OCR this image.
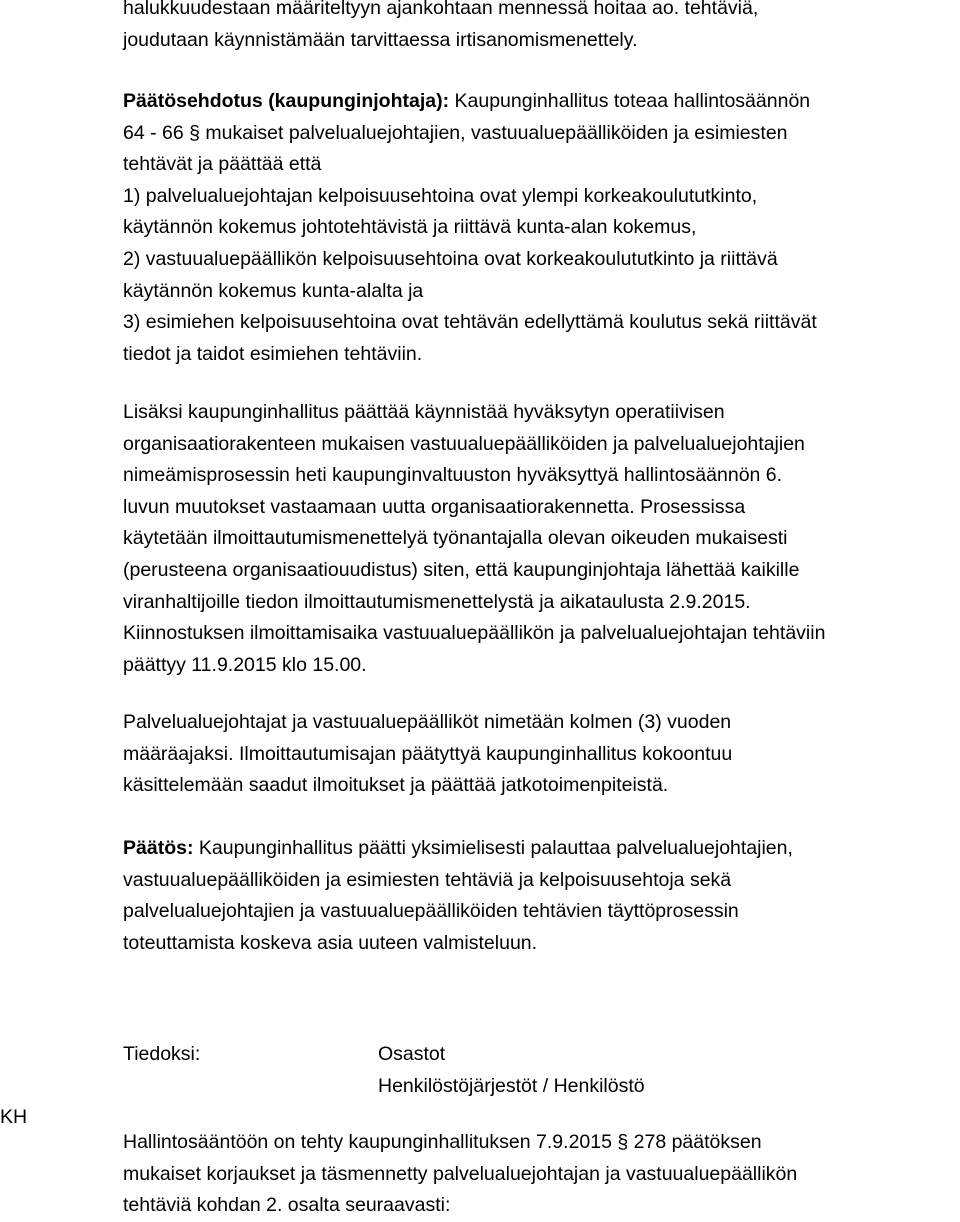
halukkuudestaan määriteltyyn ajankohtaan mennessä hoitaa ao. tehtäviä,
joudutaan käynnistämään tarvittaessa irtisanomismenettely.
Päätösehdotus (kaupunginjohtaja): Kaupunginhallitus toteaa hallintosäännön
64 - 66 § mukaiset palvelualuejohtajien, vastuualuepäälliköiden ja esimiesten
tehtävät ja päättää että
1) palvelualuejohtajan kelpoisuusehtoina ovat ylempi korkeakoulututkinto,
käytännön kokemus johtotehtävistä ja riittävä kunta-alan kokemus,
2) vastuualuepäällikön kelpoisuusehtoina ovat korkeakoulututkinto ja riittävä
käytännön kokemus kunta-alalta ja
3) esimiehen kelpoisuusehtoina ovat tehtävän edellyttämä koulutus sekä riittävät
tiedot ja taidot esimiehen tehtäviin.
Lisäksi kaupunginhallitus päättää käynnistää hyväksytyn operatiivisen
organisaatiorakenteen mukaisen vastuualuepäälliköiden ja palvelualuejohtajien
nimeämisprosessin heti kaupunginvaltuuston hyväksyttyä hallintosäännön 6.
luvun muutokset vastaamaan uutta organisaatiorakennetta. Prosessissa
käytetään ilmoittautumismenettelyä työnantajalla olevan oikeuden mukaisesti
(perusteena organisaatiouudistus) siten, että kaupunginjohtaja lähettää kaikille
viranhaltijoille tiedon ilmoittautumismenettelystä ja aikataulusta 2.9.2015.
Kiinnostuksen ilmoittamisaika vastuualuepäällikön ja palvelualuejohtajan tehtäviin
päättyy 11.9.2015 klo 15.00.
Palvelualuejohtajat ja vastuualuepäälliköt nimetään kolmen (3) vuoden
määräajaksi. Ilmoittautumisajan päätyttyä kaupunginhallitus kokoontuu
käsittelemään saadut ilmoitukset ja päättää jatkotoimenpiteistä.
Päätös: Kaupunginhallitus päätti yksimielisesti palauttaa palvelualuejohtajien,
vastuualuepäälliköiden ja esimiesten tehtäviä ja kelpoisuusehtoja sekä
palvelualuejohtajien ja vastuualuepäälliköiden tehtävien täyttöprosessin
toteuttamista koskeva asia uuteen valmisteluun.
Tiedoksi:	Osastot
Henkilöstöjärjestöt / Henkilöstö
KH
Hallintosääntöön on tehty kaupunginhallituksen 7.9.2015 § 278 päätöksen
mukaiset korjaukset ja täsmennetty palvelualuejohtajan ja vastuualuepäällikön
tehtäviä kohdan 2. osalta seuraavasti:
